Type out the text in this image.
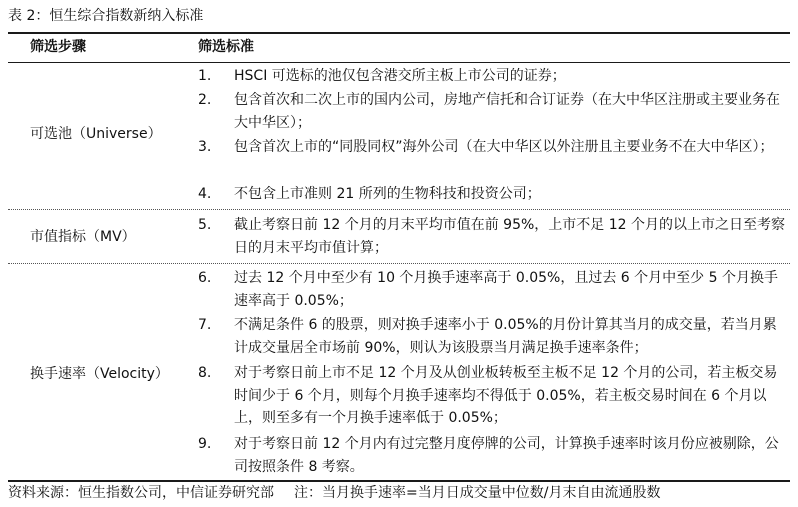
表 2：恒生综合指数新纳入标准
筛选步骤	筛选标准
可选池（Universe）
1.	HSCI 可选标的池仅包含港交所主板上市公司的证券；
2.	包含首次和二次上市的国内公司，房地产信托和合订证券（在大中华区注册或主要业务在大中华区）；
3.	包含首次上市的“同股同权”海外公司（在大中华区以外注册且主要业务不在大中华区）；
4.	不包含上市准则 21 所列的生物科技和投资公司；
市值指标（MV）
5.	截止考察日前 12 个月的月末平均市值在前 95%，上市不足 12 个月的以上市之日至考察日的月末平均市值计算；
换手速率（Velocity）
6.	过去 12 个月中至少有 10 个月换手速率高于 0.05%，且过去 6 个月中至少 5 个月换手速率高于 0.05%；
7.	不满足条件 6 的股票，则对换手速率小于 0.05%的月份计算其当月的成交量，若当月累计成交量居全市场前 90%，则认为该股票当月满足换手速率条件；
8.	对于考察日前上市不足 12 个月及从创业板转板至主板不足 12 个月的公司，若主板交易时间少于 6 个月，则每个月换手速率均不得低于 0.05%，若主板交易时间在 6 个月以上，则至多有一个月换手速率低于 0.05%；
9.	对于考察日前 12 个月内有过完整月度停牌的公司，计算换手速率时该月份应被剔除，公司按照条件 8 考察。
资料来源：恒生指数公司，中信证券研究部 注：当月换手速率=当月日成交量中位数/月末自由流通股数
